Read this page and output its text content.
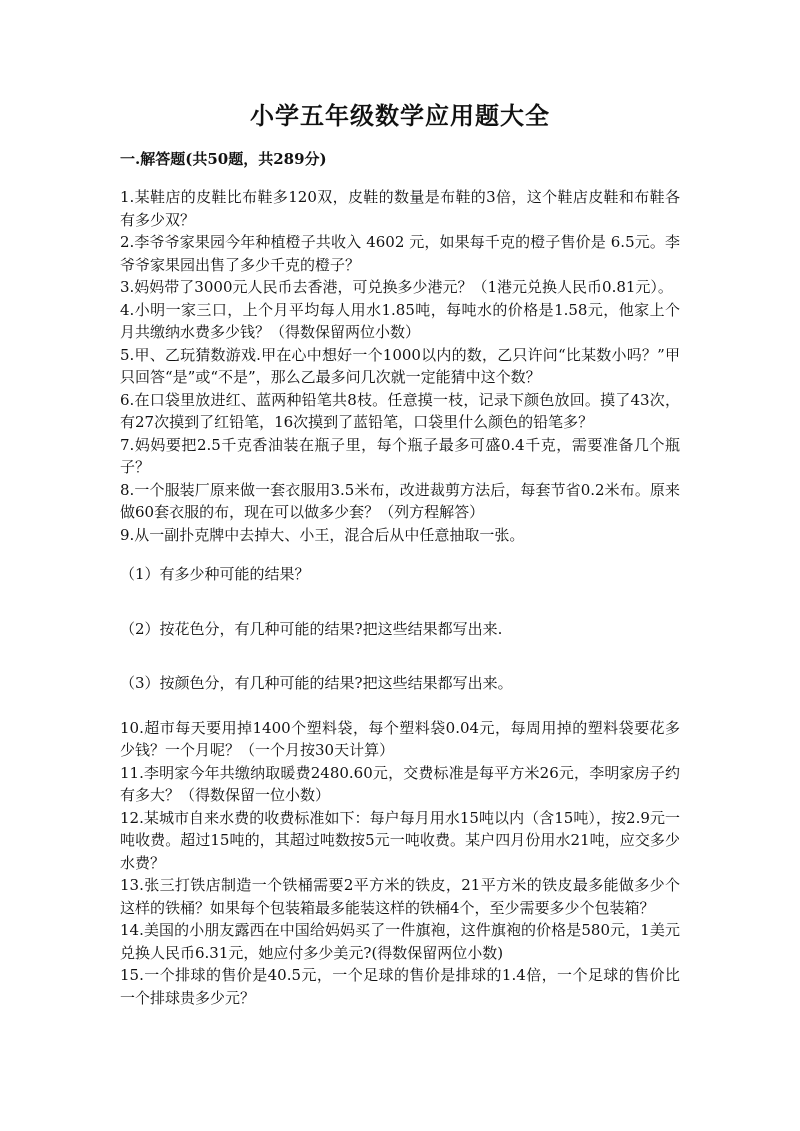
小学五年级数学应用题大全
一.解答题(共50题，共289分)

1.某鞋店的皮鞋比布鞋多120双，皮鞋的数量是布鞋的3倍，这个鞋店皮鞋和布鞋各有多少双？

2.李爷爷家果园今年种植橙子共收入 4602 元，如果每千克的橙子售价是 6.5元。李爷爷家果园出售了多少千克的橙子？

3.妈妈带了3000元人民币去香港，可兑换多少港元？（1港元兑换人民币0.81元）。

4.小明一家三口，上个月平均每人用水1.85吨，每吨水的价格是1.58元，他家上个月共缴纳水费多少钱？（得数保留两位小数）

5.甲、乙玩猜数游戏.甲在心中想好一个1000以内的数，乙只许问“比某数小吗？”甲只回答“是”或“不是”，那么乙最多问几次就一定能猜中这个数？

6.在口袋里放进红、蓝两种铅笔共8枝。任意摸一枝，记录下颜色放回。摸了43次，有27次摸到了红铅笔，16次摸到了蓝铅笔，口袋里什么颜色的铅笔多？

7.妈妈要把2.5千克香油装在瓶子里，每个瓶子最多可盛0.4千克，需要准备几个瓶子？

8.一个服装厂原来做一套衣服用3.5米布，改进裁剪方法后，每套节省0.2米布。原来做60套衣服的布，现在可以做多少套？（列方程解答）

9.从一副扑克牌中去掉大、小王，混合后从中任意抽取一张。

（1）有多少种可能的结果？

（2）按花色分，有几种可能的结果?把这些结果都写出来.

（3）按颜色分，有几种可能的结果?把这些结果都写出来。

10.超市每天要用掉1400个塑料袋，每个塑料袋0.04元，每周用掉的塑料袋要花多少钱？一个月呢？（一个月按30天计算）

11.李明家今年共缴纳取暖费2480.60元，交费标准是每平方米26元，李明家房子约有多大？（得数保留一位小数）

12.某城市自来水费的收费标准如下：每户每月用水15吨以内（含15吨），按2.9元一吨收费。超过15吨的，其超过吨数按5元一吨收费。某户四月份用水21吨，应交多少水费？

13.张三打铁店制造一个铁桶需要2平方米的铁皮，21平方米的铁皮最多能做多少个这样的铁桶？如果每个包装箱最多能装这样的铁桶4个，至少需要多少个包装箱？

14.美国的小朋友露西在中国给妈妈买了一件旗袍，这件旗袍的价格是580元，1美元兑换人民币6.31元，她应付多少美元?(得数保留两位小数)

15.一个排球的售价是40.5元，一个足球的售价是排球的1.4倍，一个足球的售价比一个排球贵多少元？
